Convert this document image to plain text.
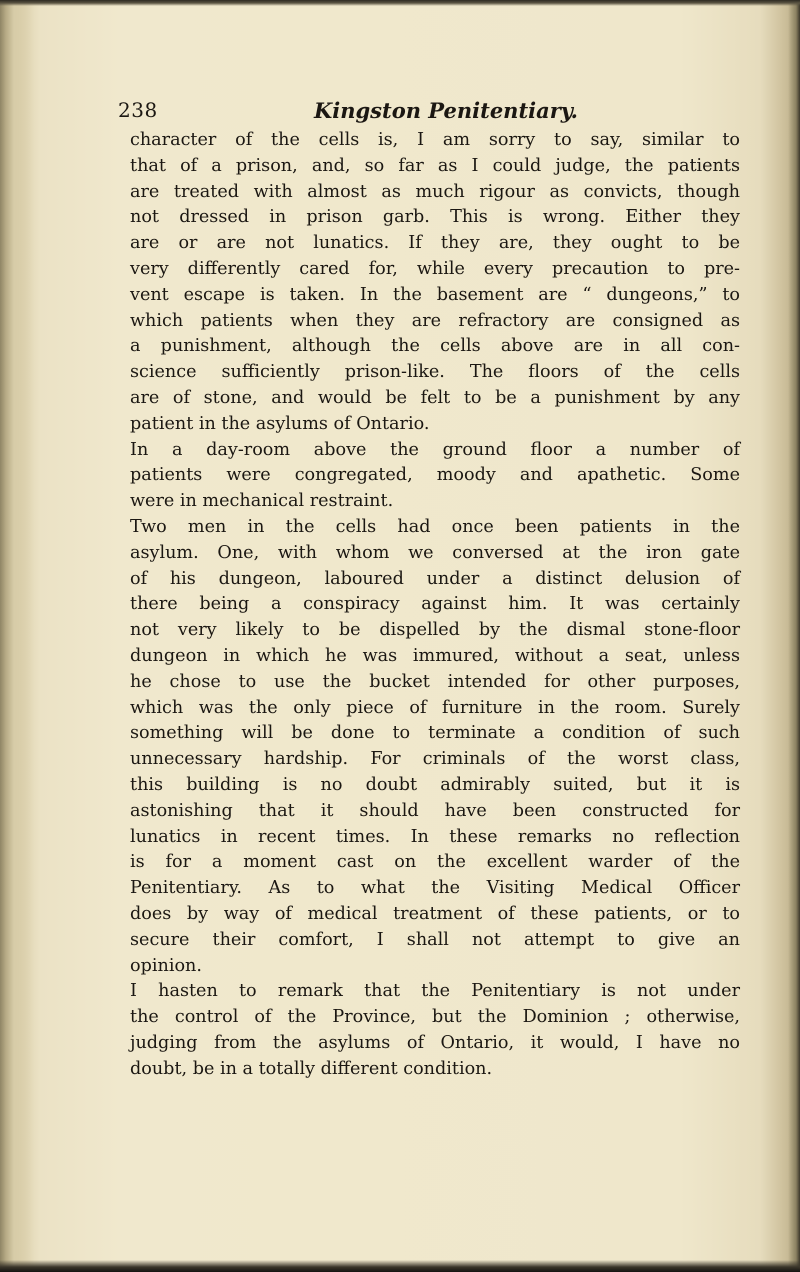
238	Kingston Penitentiary.
character of the cells is, I am sorry to say, similar to
that of a prison, and, so far as I could judge, the patients
are treated with almost as much rigour as convicts, though
not dressed in prison garb. This is wrong. Either they
are or are not lunatics. If they are, they ought to be
very differently cared for, while every precaution to pre-
vent escape is taken. In the basement are “ dungeons,” to
which patients when they are refractory are consigned as
a punishment, although the cells above are in all con-
science sufficiently prison-like. The floors of the cells
are of stone, and would be felt to be a punishment by any
patient in the asylums of Ontario.
In a day-room above the ground floor a number of
patients were congregated, moody and apathetic. Some
were in mechanical restraint.
Two men in the cells had once been patients in the
asylum. One, with whom we conversed at the iron gate
of his dungeon, laboured under a distinct delusion of
there being a conspiracy against him. It was certainly
not very likely to be dispelled by the dismal stone-floor
dungeon in which he was immured, without a seat, unless
he chose to use the bucket intended for other purposes,
which was the only piece of furniture in the room. Surely
something will be done to terminate a condition of such
unnecessary hardship. For criminals of the worst class,
this building is no doubt admirably suited, but it is
astonishing that it should have been constructed for
lunatics in recent times. In these remarks no reflection
is for a moment cast on the excellent warder of the
Penitentiary. As to what the Visiting Medical Officer
does by way of medical treatment of these patients, or to
secure their comfort, I shall not attempt to give an
opinion.
I hasten to remark that the Penitentiary is not under
the control of the Province, but the Dominion ; otherwise,
judging from the asylums of Ontario, it would, I have no
doubt, be in a totally different condition.
